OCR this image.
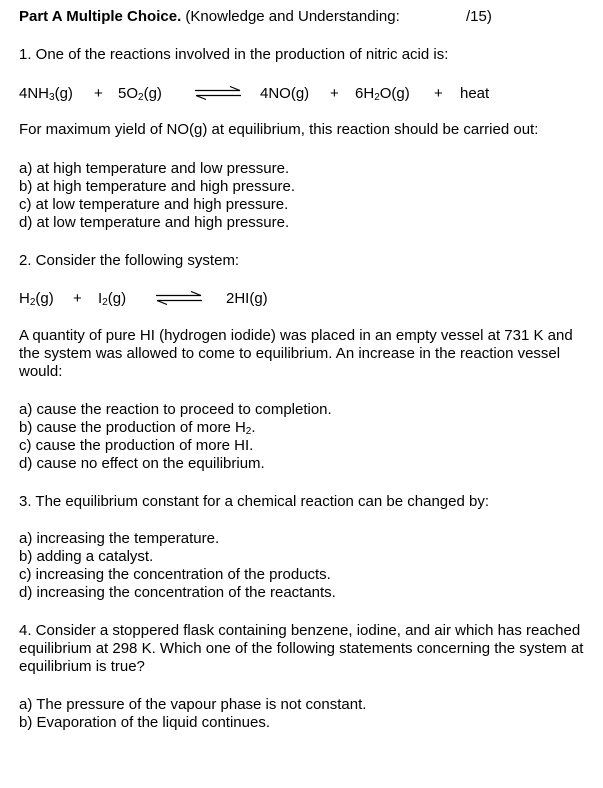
Part A Multiple Choice. (Knowledge and Understanding:	/15)
1. One of the reactions involved in the production of nitric acid is:
$4NH_3(g) + 5O_2(g)$ ⇌ $4NO(g) + 6H_2O(g)$ + heat
For maximum yield of NO(g) at equilibrium, this reaction should be carried out:
a) at high temperature and low pressure.
b) at high temperature and high pressure.
c) at low temperature and high pressure.
d) at low temperature and high pressure.
2. Consider the following system:
$H_2(g) + I_2(g)$	2HI(g)
A quantity of pure HI (hydrogen iodide) was placed in an empty vessel at 731 K and the system was allowed to come to equilibrium. An increase in the reaction vessel would:
a) cause the reaction to proceed to completion.
b) cause the production of more $H_2$.
c) cause the production of more HI.
d) cause no effect on the equilibrium.
3. The equilibrium constant for a chemical reaction can be changed by:
a) increasing the temperature.
b) adding a catalyst.
c) increasing the concentration of the products.
d) increasing the concentration of the reactants.
4. Consider a stoppered flask containing benzene, iodine, and air which has reached equilibrium at 298 K. Which one of the following statements concerning the system at equilibrium is true?
a) The pressure of the vapour phase is not constant.
b) Evaporation of the liquid continues.
